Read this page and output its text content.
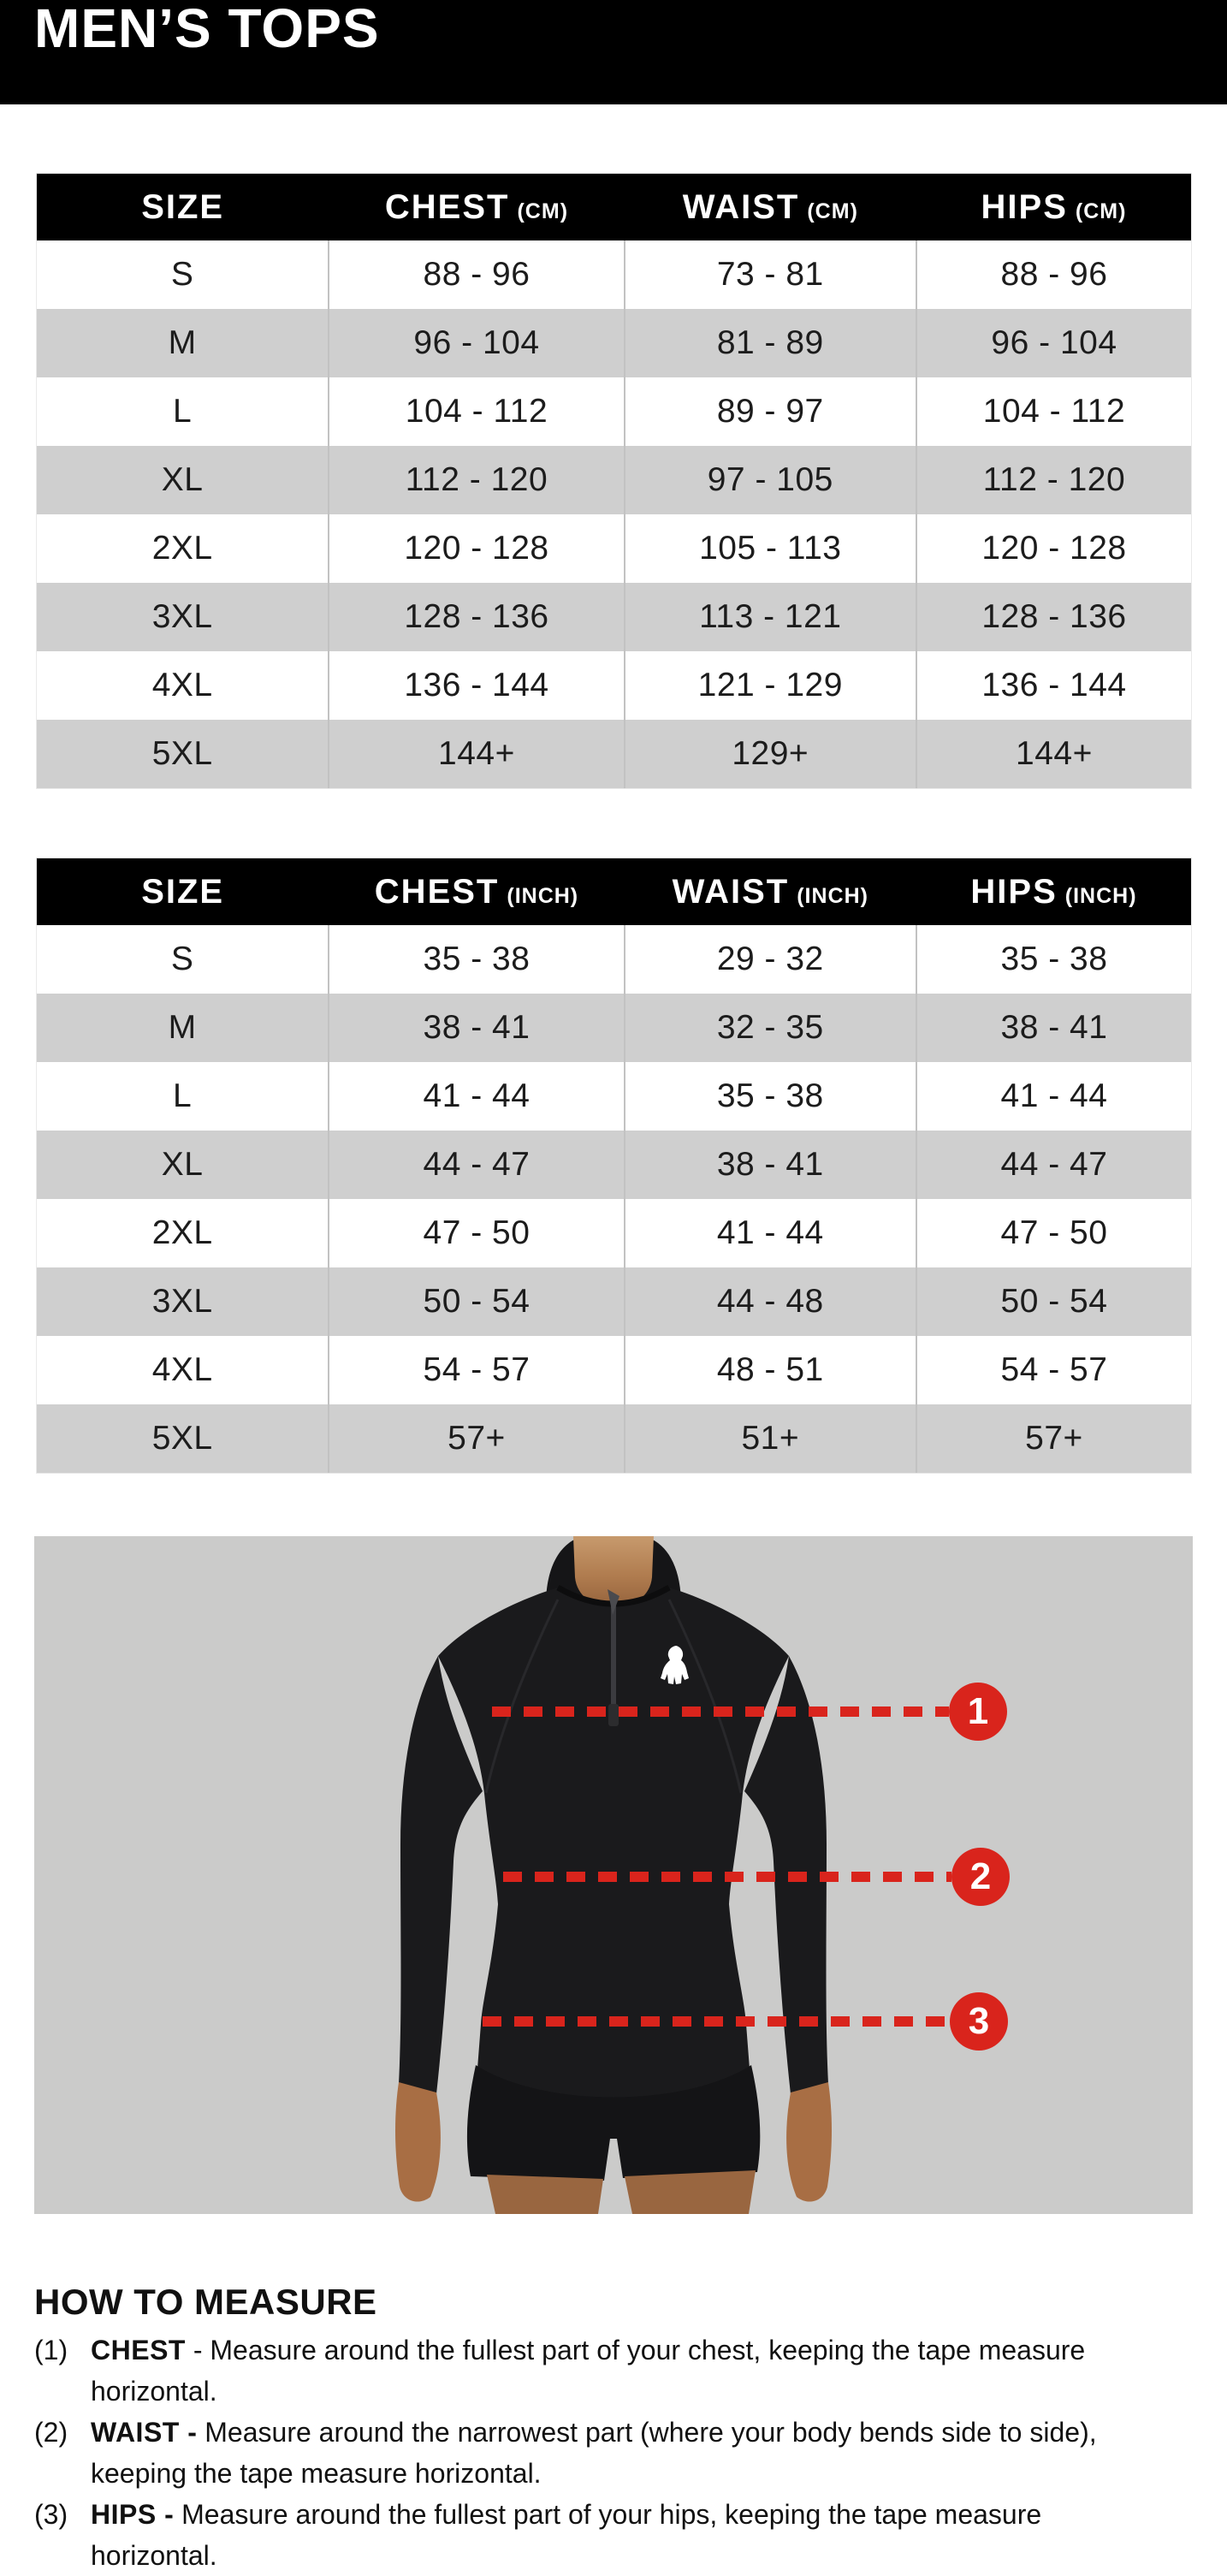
MEN’S TOPS
SIZE	CHEST (CM)	WAIST (CM)	HIPS (CM)
S	88 - 96	73 - 81	88 - 96
M	96 - 104	81 - 89	96 - 104
L	104 - 112	89 - 97	104 - 112
XL	112 - 120	97 - 105	112 - 120
2XL	120 - 128	105 - 113	120 - 128
3XL	128 - 136	113 - 121	128 - 136
4XL	136 - 144	121 - 129	136 - 144
5XL	144+	129+	144+
SIZE	CHEST (INCH)	WAIST (INCH)	HIPS (INCH)
S	35 - 38	29 - 32	35 - 38
M	38 - 41	32 - 35	38 - 41
L	41 - 44	35 - 38	41 - 44
XL	44 - 47	38 - 41	44 - 47
2XL	47 - 50	41 - 44	47 - 50
3XL	50 - 54	44 - 48	50 - 54
4XL	54 - 57	48 - 51	54 - 57
5XL	57+	51+	57+
1
2
3
HOW TO MEASURE
(1) CHEST - Measure around the fullest part of your chest, keeping the tape measure horizontal.

(2) WAIST - Measure around the narrowest part (where your body bends side to side), keeping the tape measure horizontal.

(3) HIPS - Measure around the fullest part of your hips, keeping the tape measure horizontal.
